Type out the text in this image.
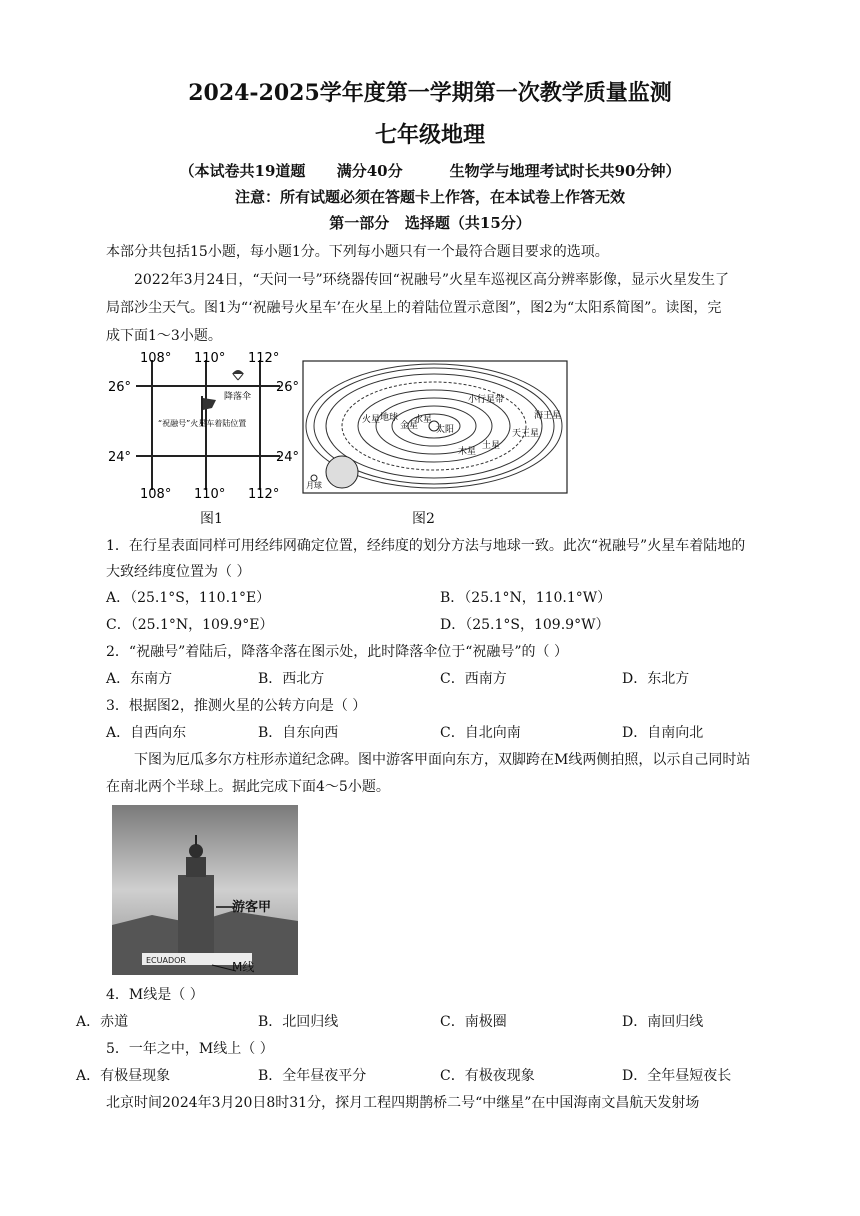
2024-2025学年度第一学期第一次教学质量监测
七年级地理
（本试卷共19道题      满分40分         生物学与地理考试时长共90分钟）
注意：所有试题必须在答题卡上作答，在本试卷上作答无效
第一部分   选择题（共15分）
本部分共包括15小题，每小题1分。下列每小题只有一个最符合题目要求的选项。
2022年3月24日，“天问一号”环绕器传回“祝融号”火星车巡视区高分辨率影像，显示火星发生了
局部沙尘天气。图1为“‘祝融号火星车’在火星上的着陆位置示意图”，图2为“太阳系简图”。读图，完
成下面1～3小题。
108° 110° 112°
108° 110° 112°
26°
24°
26°
24°
降落伞
“祝融号”火星车着陆位置
太阳
水星
金星
地球
火星
木星
土星
天王星
海王星
小行星带
月球
图1	图2
1．在行星表面同样可用经纬网确定位置，经纬度的划分方法与地球一致。此次“祝融号”火星车着陆地的
大致经纬度位置为（ ）
A．（25.1°S，110.1°E）	B．（25.1°N，110.1°W）
C．（25.1°N，109.9°E）	D．（25.1°S，109.9°W）
2．“祝融号”着陆后，降落伞落在图示处，此时降落伞位于“祝融号”的（ ）
A．东南方	B．西北方	C．西南方	D．东北方
3．根据图2，推测火星的公转方向是（ ）
A．自西向东	B．自东向西	C．自北向南	D．自南向北
下图为厄瓜多尔方柱形赤道纪念碑。图中游客甲面向东方，双脚跨在M线两侧拍照，以示自己同时站
在南北两个半球上。据此完成下面4～5小题。
游客甲
ECUADOR	M线
4．M线是（ ）
A．赤道	B．北回归线	C．南极圈	D．南回归线
5．一年之中，M线上（ ）
A．有极昼现象	B．全年昼夜平分	C．有极夜现象	D．全年昼短夜长
北京时间2024年3月20日8时31分，探月工程四期鹊桥二号“中继星”在中国海南文昌航天发射场
